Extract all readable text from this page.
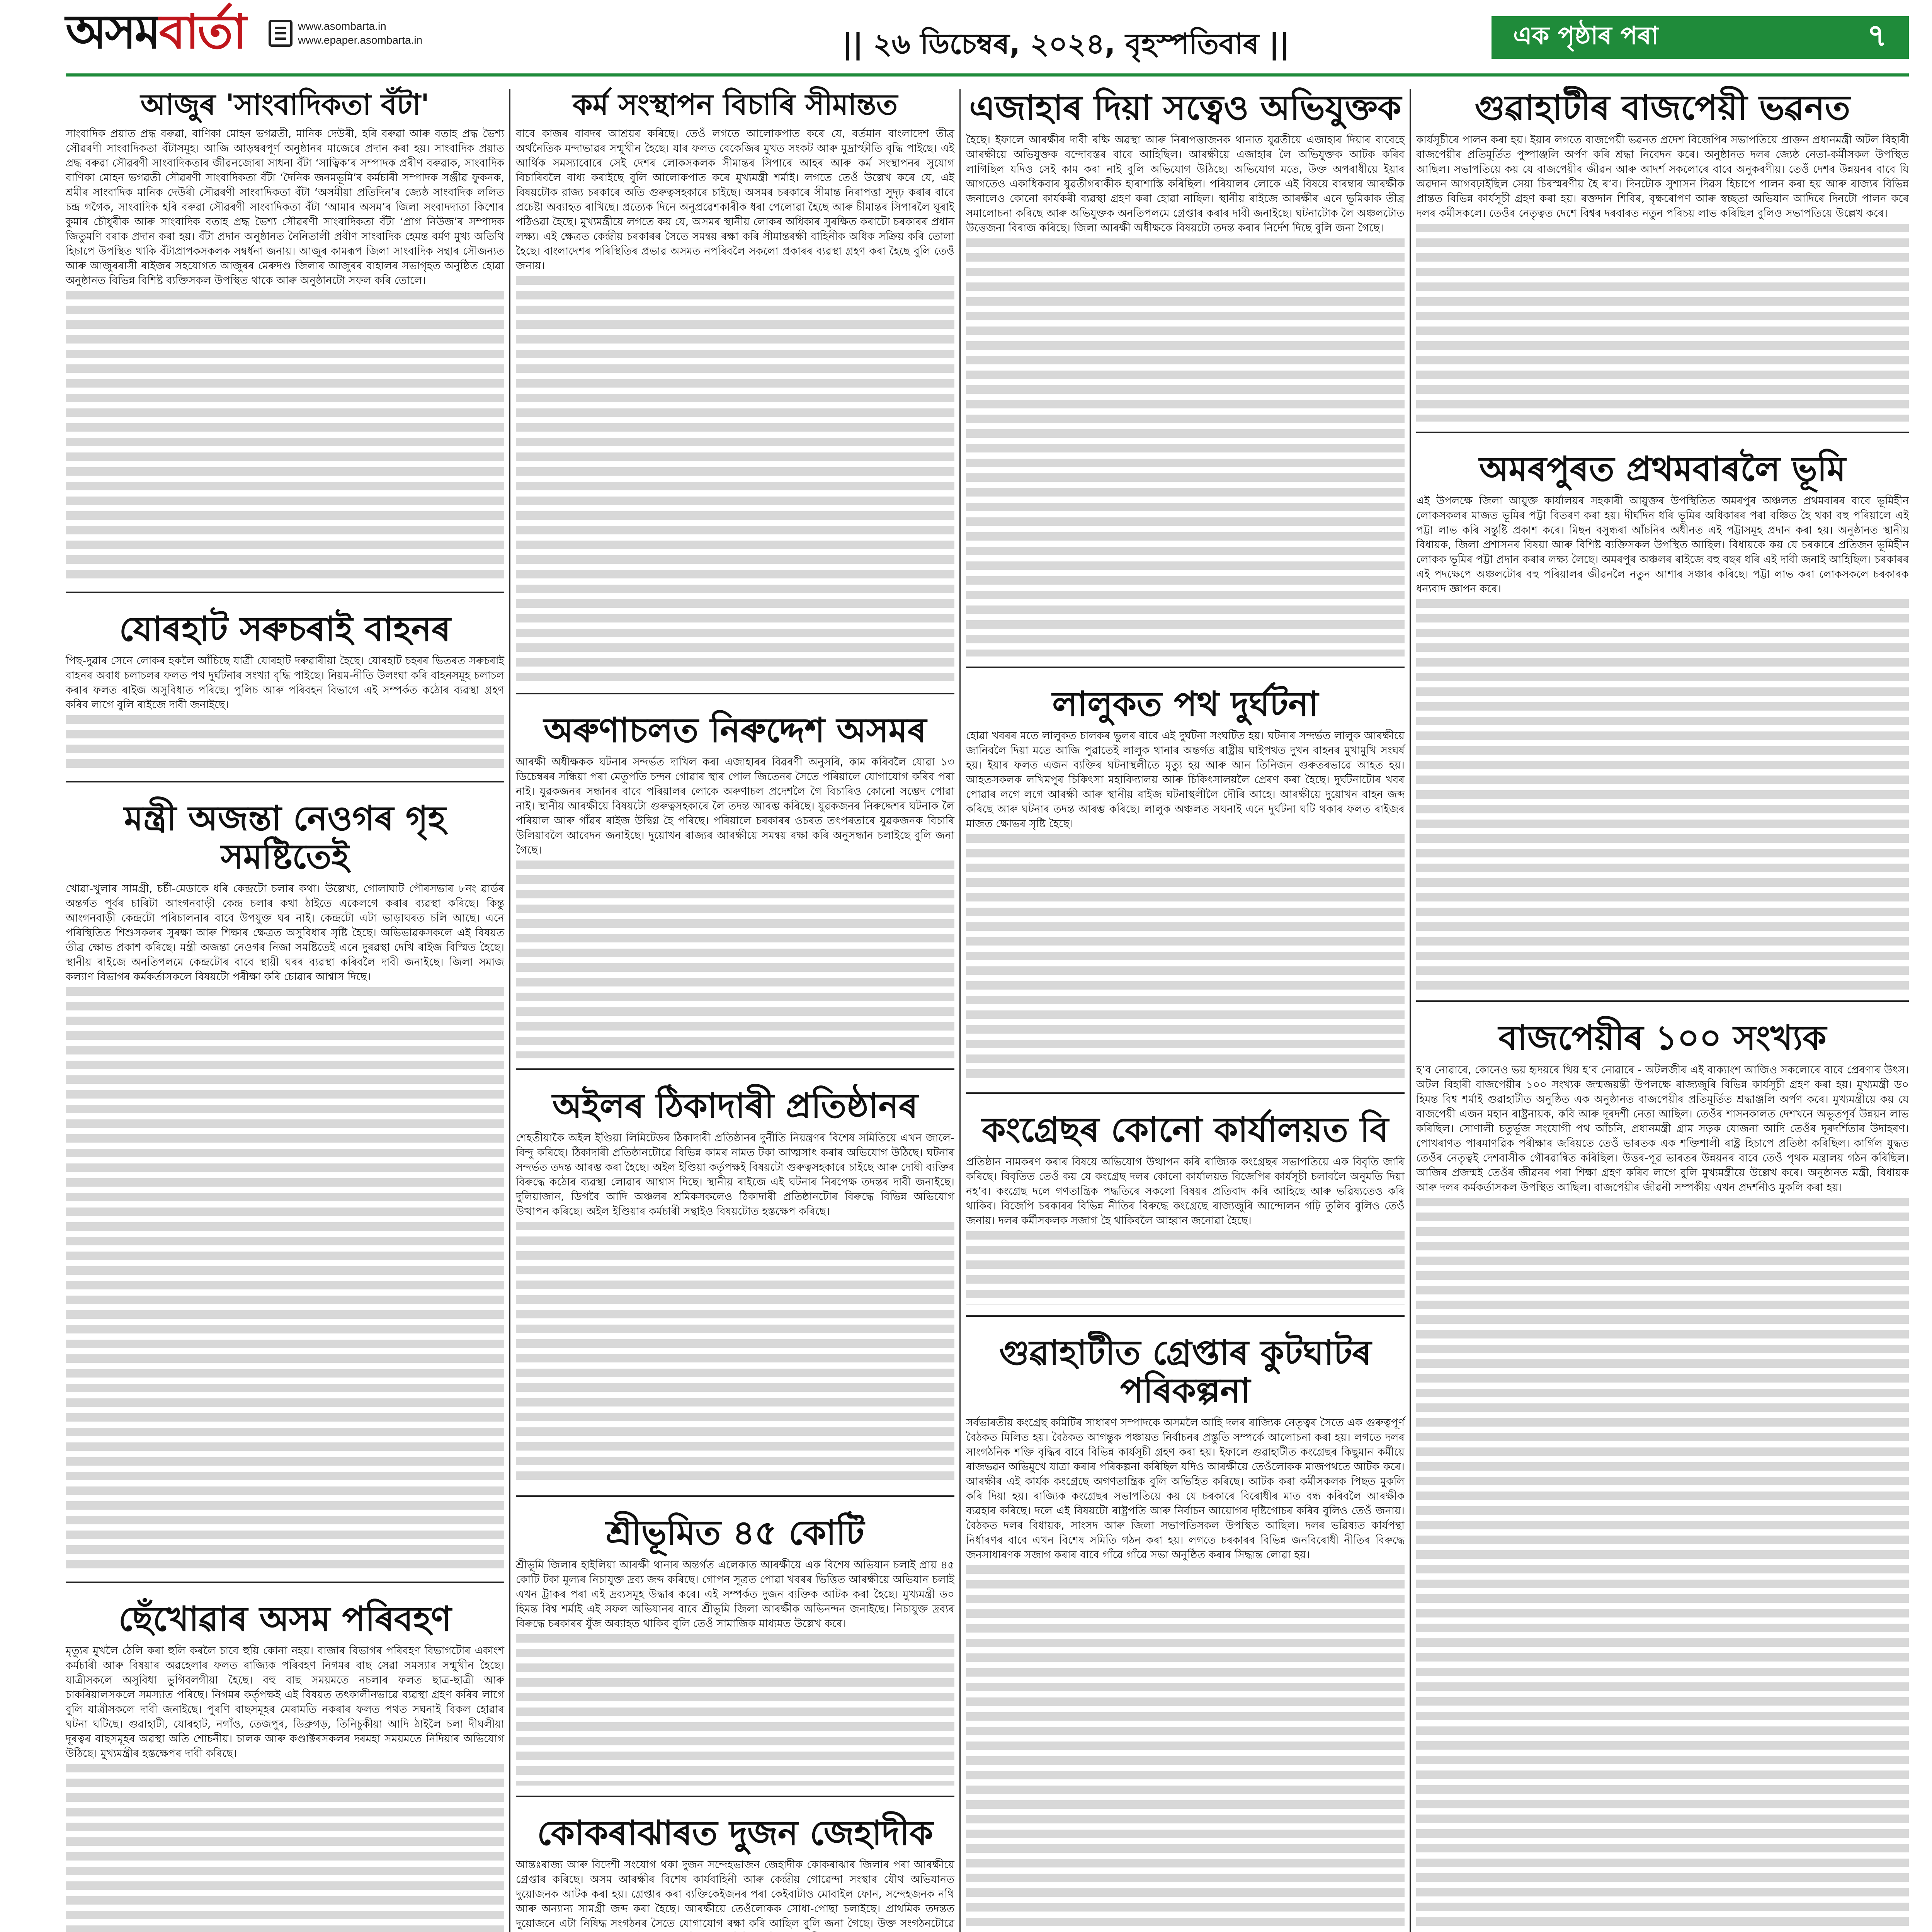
অসম বাৰ্তা	www.asombarta.in
www.epaper.asombarta.in	|| ২৬ ডিচেম্বৰ, ২০২৪, বৃহস্পতিবাৰ ||	এক পৃষ্ঠাৰ পৰা	৭
আজুৰ 'সাংবাদিকতা বঁটা'

সাংবাদিক প্ৰয়াত প্ৰদ্ধ বৰুৱা, বাণিকা মোহন ভগৱতী, মানিক দেউৰী, হৰি বৰুৱা আৰু বতাহ প্ৰদ্ধ ভৈশ্য সৌৱৰণী সাংবাদিকতা বঁটাসমূহ। আজি আড়ম্বৰপূৰ্ণ অনুষ্ঠানৰ মাজেৰে প্ৰদান কৰা হয়। সাংবাদিক প্ৰয়াত প্ৰদ্ধ বৰুৱা সৌৱৰণী সাংবাদিকতাৰ জীৱনজোৰা সাধনা বঁটা ‘সাত্বিক’ৰ সম্পাদক প্ৰৰীণ বৰুৱাক, সাংবাদিক বাণিকা মোহন ভগৱতী সৌৱৰণী সাংবাদিকতা বঁটা ‘দৈনিক জনমভূমি’ৰ কৰ্মচাৰী সম্পাদক সঞ্জীৱ ফুকনক, শ্ৰমীৰ সাংবাদিক মানিক দেউৰী সৌৱৰণী সাংবাদিকতা বঁটা ‘অসমীয়া প্ৰতিদিন’ৰ জ্যেষ্ঠ সাংবাদিক ললিত চন্দ্ৰ গগৈক, সাংবাদিক হৰি বৰুৱা সৌৱৰণী সাংবাদিকতা বঁটা ‘আমাৰ অসম’ৰ জিলা সংবাদদাতা কিশোৰ কুমাৰ চৌধুৰীক আৰু সাংবাদিক বতাহ প্ৰদ্ধ ভৈশ্য সৌৱৰণী সাংবাদিকতা বঁটা ‘প্ৰাগ নিউজ’ৰ সম্পাদক জিতুমণি বৰাক প্ৰদান কৰা হয়। বঁটা প্ৰদান অনুষ্ঠানত নৈনিতালী প্ৰবীণ সাংবাদিক হেমন্ত বৰ্মণ মুখ্য অতিথি হিচাপে উপস্থিত থাকি বঁটাপ্ৰাপকসকলক সম্বৰ্ধনা জনায়। আজুৰ কামৰূপ জিলা সাংবাদিক সন্থাৰ সৌজন্যত আৰু আজুৰৰাসী ৰাইজৰ সহযোগত আজুৰৰ মেৰুদণ্ড জিলাৰ আজুৰৰ বাহালৰ সভাগৃহত অনুষ্ঠিত হোৱা অনুষ্ঠানত বিভিন্ন বিশিষ্ট ব্যক্তিসকল উপস্থিত থাকে আৰু অনুষ্ঠানটো সফল কৰি তোলে।

যোৰহাট সৰুচৰাই বাহনৰ

পিছ-দুৱাৰ সেনে লোকৰ হকলৈ আঁচিছে যাত্ৰী যোৰহাট দৰুৱাৰীয়া হৈছে। যোৰহাট চহৰৰ ভিতৰত সৰুচৰাই বাহনৰ অবাধ চলাচলৰ ফলত পথ দুৰ্ঘটনাৰ সংখ্যা বৃদ্ধি পাইছে। নিয়ম-নীতি উলংঘা কৰি বাহনসমূহ চলাচল কৰাৰ ফলত ৰাইজ অসুবিধাত পৰিছে। পুলিচ আৰু পৰিবহন বিভাগে এই সম্পৰ্কত কঠোৰ ব্যৱস্থা গ্ৰহণ কৰিব লাগে বুলি ৰাইজে দাবী জনাইছে।

মন্ত্ৰী অজন্তা নেওগৰ গৃহ সমষ্টিতেই

খোৱা-খুলাৰ সামগ্ৰী, চৰ্চী-মেডাকে ধৰি কেন্দ্ৰটো চলাৰ কথা। উল্লেখ্য, গোলাঘাট পৌৰসভাৰ ৮নং ৱাৰ্ডৰ অন্তৰ্গত পূৰ্বৰ চাৰিটা আংগনবাড়ী কেন্দ্ৰ চলাৰ কথা ঠাইতে একেলগে কৰাৰ ব্যৱস্থা কৰিছে। কিন্তু আংগনবাড়ী কেন্দ্ৰটো পৰিচালনাৰ বাবে উপযুক্ত ঘৰ নাই। কেন্দ্ৰটো এটা ভাড়াঘৰত চলি আছে। এনে পৰিস্থিতিত শিশুসকলৰ সুৰক্ষা আৰু শিক্ষাৰ ক্ষেত্ৰত অসুবিধাৰ সৃষ্টি হৈছে। অভিভাৱকসকলে এই বিষয়ত তীব্ৰ ক্ষোভ প্ৰকাশ কৰিছে। মন্ত্ৰী অজন্তা নেওগৰ নিজা সমষ্টিতেই এনে দুৰৱস্থা দেখি ৰাইজ বিস্মিত হৈছে। স্থানীয় ৰাইজে অনতিপলমে কেন্দ্ৰটোৰ বাবে স্থায়ী ঘৰৰ ব্যৱস্থা কৰিবলৈ দাবী জনাইছে। জিলা সমাজ কল্যাণ বিভাগৰ কৰ্মকৰ্তাসকলে বিষয়টো পৰীক্ষা কৰি চোৱাৰ আশ্বাস দিছে।

ছেঁখোৱাৰ অসম পৰিবহণ

মৃত্যুৰ মুখলৈ ঠেলি কৰা হুলি কৰলৈ চাবে হুয়ি কোনা নহয়। বাজাৰ বিভাগৰ পৰিবহণ বিভাগটোৰ একাংশ কৰ্মচাৰী আৰু বিষয়াৰ অৱহেলাৰ ফলত ৰাজ্যিক পৰিবহণ নিগমৰ বাছ সেৱা সমস্যাৰ সন্মুখীন হৈছে। যাত্ৰীসকলে অসুবিধা ভুগিবলগীয়া হৈছে। বহু বাছ সময়মতে নচলাৰ ফলত ছাত্ৰ-ছাত্ৰী আৰু চাকৰিয়ালসকলে সমস্যাত পৰিছে। নিগমৰ কৰ্তৃপক্ষই এই বিষয়ত তৎকালীনভাৱে ব্যৱস্থা গ্ৰহণ কৰিব লাগে বুলি যাত্ৰীসকলে দাবী জনাইছে। পুৰণি বাছসমূহৰ মেৰামতি নকৰাৰ ফলত পথত সঘনাই বিকল হোৱাৰ ঘটনা ঘটিছে। গুৱাহাটী, যোৰহাট, নগাঁও, তেজপুৰ, ডিব্ৰুগড়, তিনিচুকীয়া আদি ঠাইলৈ চলা দীঘলীয়া দূৰত্বৰ বাছসমূহৰ অৱস্থা অতি শোচনীয়। চালক আৰু কণ্ডাক্টৰসকলৰ দৰমহা সময়মতে নিদিয়াৰ অভিযোগ উঠিছে। মুখ্যমন্ত্ৰীৰ হস্তক্ষেপৰ দাবী কৰিছে।

কৰ্ম সংস্থাপন বিচাৰি সীমান্তত

বাবে কাজৰ বাবদৰ আশ্ৰয়ৰ কৰিছে। তেওঁ লগতে আলোকপাত কৰে যে, বৰ্তমান বাংলাদেশ তীব্ৰ অৰ্থনৈতিক মন্দাভাৱৰ সন্মুখীন হৈছে। যাৰ ফলত বেকেজিৰ মুখত সংকট আৰু মুদ্ৰাস্ফীতি বৃদ্ধি পাইছে। এই আৰ্থিক সমস্যাবোৰে সেই দেশৰ লোকসকলক সীমান্তৰ সিপাৰে আহৰ আৰু কৰ্ম সংস্থাপনৰ সুযোগ বিচাৰিবলৈ বাধ্য কৰাইছে বুলি আলোকপাত কৰে মুখ্যমন্ত্ৰী শৰ্মাই। লগতে তেওঁ উল্লেখ কৰে যে, এই বিষয়টোক রাজ্য চৰকাৰে অতি গুৰুত্বসহকাৰে চাইছে। অসমৰ চৰকাৰে সীমান্ত নিৰাপত্তা সুদৃঢ় কৰাৰ বাবে প্ৰচেষ্টা অব্যাহত ৰাখিছে। প্ৰত্যেক দিনে অনুপ্ৰৱেশকাৰীক ধৰা পেলোৱা হৈছে আৰু চীমান্তৰ সিপাৰলৈ ঘূৰাই পঠিওৱা হৈছে। মুখ্যমন্ত্ৰীয়ে লগতে কয় যে, অসমৰ স্থানীয় লোকৰ অধিকাৰ সুৰক্ষিত কৰাটো চৰকাৰৰ প্ৰধান লক্ষ্য। এই ক্ষেত্ৰত কেন্দ্ৰীয় চৰকাৰৰ সৈতে সমন্বয় ৰক্ষা কৰি সীমান্তৰক্ষী বাহিনীক অধিক সক্ৰিয় কৰি তোলা হৈছে। বাংলাদেশৰ পৰিস্থিতিৰ প্ৰভাৱ অসমত নপৰিবলৈ সকলো প্ৰকাৰৰ ব্যৱস্থা গ্ৰহণ কৰা হৈছে বুলি তেওঁ জনায়।

অৰুণাচলত নিৰুদ্দেশ অসমৰ

আৰক্ষী অধীক্ষকক ঘটনাৰ সন্দৰ্ভত দাখিল কৰা এজাহাৰৰ বিৱৰণী অনুসৰি, কাম কৰিবলৈ যোৱা ১৩ ডিচেম্বৰৰ সন্ধিয়া পৰা মেতুপতি চন্দন গোৱাৰ স্থাৰ পোল জিতেনৰ সৈতে পৰিয়ালে যোগাযোগ কৰিব পৰা নাই। যুৱকজনৰ সন্ধানৰ বাবে পৰিয়ালৰ লোকে অৰুণাচল প্ৰদেশলৈ গৈ বিচাৰিও কোনো সম্ভেদ পোৱা নাই। স্থানীয় আৰক্ষীয়ে বিষয়টো গুৰুত্বসহকাৰে লৈ তদন্ত আৰম্ভ কৰিছে। যুৱকজনৰ নিৰুদ্দেশৰ ঘটনাক লৈ পৰিয়াল আৰু গাঁৱৰ ৰাইজ উদ্বিগ্ন হৈ পৰিছে। পৰিয়ালে চৰকাৰৰ ওচৰত তৎপৰতাৰে যুৱকজনক বিচাৰি উলিয়াবলৈ আবেদন জনাইছে। দুয়োখন ৰাজ্যৰ আৰক্ষীয়ে সমন্বয় ৰক্ষা কৰি অনুসন্ধান চলাইছে বুলি জনা গৈছে।

অইলৰ ঠিকাদাৰী প্ৰতিষ্ঠানৰ

শেহতীয়াকৈ অইল ইণ্ডিয়া লিমিটেডৰ ঠিকাদাৰী প্ৰতিষ্ঠানৰ দুৰ্নীতি নিয়ন্ত্ৰণৰ বিশেষ সমিতিয়ে এখন জালে-বিন্দু কৰিছে। ঠিকাদাৰী প্ৰতিষ্ঠানটোৱে বিভিন্ন কামৰ নামত টকা আত্মসাৎ কৰাৰ অভিযোগ উঠিছে। ঘটনাৰ সন্দৰ্ভত তদন্ত আৰম্ভ কৰা হৈছে। অইল ইণ্ডিয়া কৰ্তৃপক্ষই বিষয়টো গুৰুত্বসহকাৰে চাইছে আৰু দোষী ব্যক্তিৰ বিৰুদ্ধে কঠোৰ ব্যৱস্থা লোৱাৰ আশ্বাস দিছে। স্থানীয় ৰাইজে এই ঘটনাৰ নিৰপেক্ষ তদন্তৰ দাবী জনাইছে। দুলিয়াজান, ডিগবৈ আদি অঞ্চলৰ শ্ৰমিকসকলেও ঠিকাদাৰী প্ৰতিষ্ঠানটোৰ বিৰুদ্ধে বিভিন্ন অভিযোগ উত্থাপন কৰিছে। অইল ইণ্ডিয়াৰ কৰ্মচাৰী সন্থাইও বিষয়টোত হস্তক্ষেপ কৰিছে।

শ্ৰীভূমিত ৪৫ কোটি

শ্ৰীভূমি জিলাৰ হাইলিয়া আৰক্ষী থানাৰ অন্তৰ্গত এলেকাত আৰক্ষীয়ে এক বিশেষ অভিযান চলাই প্ৰায় ৪৫ কোটি টকা মূল্যৰ নিচাযুক্ত দ্ৰব্য জব্দ কৰিছে। গোপন সূত্ৰত পোৱা খবৰৰ ভিত্তিত আৰক্ষীয়ে অভিযান চলাই এখন ট্ৰাকৰ পৰা এই দ্ৰব্যসমূহ উদ্ধাৰ কৰে। এই সম্পৰ্কত দুজন ব্যক্তিক আটক কৰা হৈছে। মুখ্যমন্ত্ৰী ড০ হিমন্ত বিশ্ব শৰ্মাই এই সফল অভিযানৰ বাবে শ্ৰীভূমি জিলা আৰক্ষীক অভিনন্দন জনাইছে। নিচাযুক্ত দ্ৰব্যৰ বিৰুদ্ধে চৰকাৰৰ যুঁজ অব্যাহত থাকিব বুলি তেওঁ সামাজিক মাধ্যমত উল্লেখ কৰে।

কোকৰাঝাৰত দুজন জেহাদীক

আন্তঃৰাজ্য আৰু বিদেশী সংযোগ থকা দুজন সন্দেহভাজন জেহাদীক কোকৰাঝাৰ জিলাৰ পৰা আৰক্ষীয়ে গ্ৰেপ্তাৰ কৰিছে। অসম আৰক্ষীৰ বিশেষ কাৰ্যবাহিনী আৰু কেন্দ্ৰীয় গোৱেন্দা সংস্থাৰ যৌথ অভিযানত দুয়োজনক আটক কৰা হয়। গ্ৰেপ্তাৰ কৰা ব্যক্তিকেইজনৰ পৰা কেইবাটাও মোবাইল ফোন, সন্দেহজনক নথি আৰু অন্যান্য সামগ্ৰী জব্দ কৰা হৈছে। আৰক্ষীয়ে তেওঁলোকক সোধা-পোছা চলাইছে। প্ৰাথমিক তদন্তত দুয়োজনে এটা নিষিদ্ধ সংগঠনৰ সৈতে যোগাযোগ ৰক্ষা কৰি আছিল বুলি জনা গৈছে। উক্ত সংগঠনটোৱে

এজাহাৰ দিয়া সত্বেও অভিযুক্তক

হৈছে। ইফালে আৰক্ষীৰ দাবী ৰক্ষি অৱস্থা আৰু নিৰাপত্তাজনক থানাত যুৱতীয়ে এজাহাৰ দিয়াৰ বাবেহে আৰক্ষীয়ে অভিযুক্তক বন্দোবস্তৰ বাবে আহিছিল। আৰক্ষীয়ে এজাহাৰ লৈ অভিযুক্তক আটক কৰিব লাগিছিল যদিও সেই কাম কৰা নাই বুলি অভিযোগ উঠিছে। অভিযোগ মতে, উক্ত অপৰাধীয়ে ইয়াৰ আগতেও একাধিকবাৰ যুৱতীগৰাকীক হাৰাশাস্তি কৰিছিল। পৰিয়ালৰ লোকে এই বিষয়ে বাৰম্বাৰ আৰক্ষীক জনালেও কোনো কাৰ্যকৰী ব্যৱস্থা গ্ৰহণ কৰা হোৱা নাছিল। স্থানীয় ৰাইজে আৰক্ষীৰ এনে ভূমিকাক তীব্ৰ সমালোচনা কৰিছে আৰু অভিযুক্তক অনতিপলমে গ্ৰেপ্তাৰ কৰাৰ দাবী জনাইছে। ঘটনাটোক লৈ অঞ্চলটোত উত্তেজনা বিৰাজ কৰিছে। জিলা আৰক্ষী অধীক্ষকে বিষয়টো তদন্ত কৰাৰ নিৰ্দেশ দিছে বুলি জনা গৈছে।

লালুকত পথ দুৰ্ঘটনা

হোৱা খবৰৰ মতে লালুকত চালকৰ ভুলৰ বাবে এই দুৰ্ঘটনা সংঘটিত হয়। ঘটনাৰ সন্দৰ্ভত লালুক আৰক্ষীয়ে জানিবলৈ দিয়া মতে আজি পুৱাতেই লালুক থানাৰ অন্তৰ্গত ৰাষ্ট্ৰীয় ঘাইপথত দুখন বাহনৰ মুখামুখি সংঘৰ্ষ হয়। ইয়াৰ ফলত এজন ব্যক্তিৰ ঘটনাস্থলীতে মৃত্যু হয় আৰু আন তিনিজন গুৰুতৰভাৱে আহত হয়। আহতসকলক লখিমপুৰ চিকিৎসা মহাবিদ্যালয় আৰু চিকিৎসালয়লৈ প্ৰেৰণ কৰা হৈছে। দুৰ্ঘটনাটোৰ খবৰ পোৱাৰ লগে লগে আৰক্ষী আৰু স্থানীয় ৰাইজ ঘটনাস্থলীলৈ দৌৰি আহে। আৰক্ষীয়ে দুয়োখন বাহন জব্দ কৰিছে আৰু ঘটনাৰ তদন্ত আৰম্ভ কৰিছে। লালুক অঞ্চলত সঘনাই এনে দুৰ্ঘটনা ঘটি থকাৰ ফলত ৰাইজৰ মাজত ক্ষোভৰ সৃষ্টি হৈছে।

কংগ্ৰেছৰ কোনো কাৰ্যালয়ত বি

প্ৰতিষ্ঠান নামকৰণ কৰাৰ বিষয়ে অভিযোগ উত্থাপন কৰি ৰাজ্যিক কংগ্ৰেছৰ সভাপতিয়ে এক বিবৃতি জাৰি কৰিছে। বিবৃতিত তেওঁ কয় যে কংগ্ৰেছ দলৰ কোনো কাৰ্যালয়ত বিজেপিৰ কাৰ্যসূচী চলাবলৈ অনুমতি দিয়া নহ’ব। কংগ্ৰেছ দলে গণতান্ত্ৰিক পদ্ধতিৰে সকলো বিষয়ৰ প্ৰতিবাদ কৰি আহিছে আৰু ভৱিষ্যতেও কৰি থাকিব। বিজেপি চৰকাৰৰ বিভিন্ন নীতিৰ বিৰুদ্ধে কংগ্ৰেছে ৰাজ্যজুৰি আন্দোলন গঢ়ি তুলিব বুলিও তেওঁ জনায়। দলৰ কৰ্মীসকলক সজাগ হৈ থাকিবলৈ আহ্বান জনোৱা হৈছে।

গুৱাহাটীত গ্ৰেপ্তাৰ কুটঘাটৰ পৰিকল্পনা

সৰ্বভাৰতীয় কংগ্ৰেছ কমিটিৰ সাধাৰণ সম্পাদকে অসমলৈ আহি দলৰ ৰাজ্যিক নেতৃত্বৰ সৈতে এক গুৰুত্বপূৰ্ণ বৈঠকত মিলিত হয়। বৈঠকত আগন্তুক পঞ্চায়ত নিৰ্বাচনৰ প্ৰস্তুতি সম্পৰ্কে আলোচনা কৰা হয়। লগতে দলৰ সাংগঠনিক শক্তি বৃদ্ধিৰ বাবে বিভিন্ন কাৰ্যসূচী গ্ৰহণ কৰা হয়। ইফালে গুৱাহাটীত কংগ্ৰেছৰ কিছুমান কৰ্মীয়ে ৰাজভৱন অভিমুখে যাত্ৰা কৰাৰ পৰিকল্পনা কৰিছিল যদিও আৰক্ষীয়ে তেওঁলোকক মাজপথতে আটক কৰে। আৰক্ষীৰ এই কাৰ্যক কংগ্ৰেছে অগণতান্ত্ৰিক বুলি অভিহিত কৰিছে। আটক কৰা কৰ্মীসকলক পিছত মুকলি কৰি দিয়া হয়। ৰাজ্যিক কংগ্ৰেছৰ সভাপতিয়ে কয় যে চৰকাৰে বিৰোধীৰ মাত বন্ধ কৰিবলৈ আৰক্ষীক ব্যৱহাৰ কৰিছে। দলে এই বিষয়টো ৰাষ্ট্ৰপতি আৰু নিৰ্বাচন আয়োগৰ দৃষ্টিগোচৰ কৰিব বুলিও তেওঁ জনায়। বৈঠকত দলৰ বিধায়ক, সাংসদ আৰু জিলা সভাপতিসকল উপস্থিত আছিল। দলৰ ভৱিষ্যত কাৰ্যপন্থা নিৰ্ধাৰণৰ বাবে এখন বিশেষ সমিতি গঠন কৰা হয়। লগতে চৰকাৰৰ বিভিন্ন জনবিৰোধী নীতিৰ বিৰুদ্ধে জনসাধাৰণক সজাগ কৰাৰ বাবে গাঁৱে গাঁৱে সভা অনুষ্ঠিত কৰাৰ সিদ্ধান্ত লোৱা হয়।

গুৱাহাটীৰ বাজপেয়ী ভৱনত

কাৰ্যসূচীৰে পালন কৰা হয়। ইয়াৰ লগতে বাজপেয়ী ভৱনত প্ৰদেশ বিজেপিৰ সভাপতিয়ে প্ৰাক্তন প্ৰধানমন্ত্ৰী অটল বিহাৰী বাজপেয়ীৰ প্ৰতিমূৰ্তিত পুষ্পাঞ্জলি অৰ্পণ কৰি শ্ৰদ্ধা নিবেদন কৰে। অনুষ্ঠানত দলৰ জ্যেষ্ঠ নেতা-কৰ্মীসকল উপস্থিত আছিল। সভাপতিয়ে কয় যে বাজপেয়ীৰ জীৱন আৰু আদৰ্শ সকলোৰে বাবে অনুকৰণীয়। তেওঁ দেশৰ উন্নয়নৰ বাবে যি অৱদান আগবঢ়াইছিল সেয়া চিৰস্মৰণীয় হৈ ৰ’ব। দিনটোক সুশাসন দিৱস হিচাপে পালন কৰা হয় আৰু ৰাজ্যৰ বিভিন্ন প্ৰান্তত বিভিন্ন কাৰ্যসূচী গ্ৰহণ কৰা হয়। ৰক্তদান শিবিৰ, বৃক্ষৰোপণ আৰু স্বচ্ছতা অভিযান আদিৰে দিনটো পালন কৰে দলৰ কৰ্মীসকলে। তেওঁৰ নেতৃত্বত দেশে বিশ্বৰ দৰবাৰত নতুন পৰিচয় লাভ কৰিছিল বুলিও সভাপতিয়ে উল্লেখ কৰে।

অমৰপুৰত প্ৰথমবাৰলৈ ভূমি

এই উপলক্ষে জিলা আয়ুক্ত কাৰ্যালয়ৰ সহকাৰী আয়ুক্তৰ উপস্থিতিত অমৰপুৰ অঞ্চলত প্ৰথমবাৰৰ বাবে ভূমিহীন লোকসকলৰ মাজত ভূমিৰ পট্টা বিতৰণ কৰা হয়। দীৰ্ঘদিন ধৰি ভূমিৰ অধিকাৰৰ পৰা বঞ্চিত হৈ থকা বহু পৰিয়ালে এই পট্টা লাভ কৰি সন্তুষ্টি প্ৰকাশ কৰে। মিছন বসুন্ধৰা আঁচনিৰ অধীনত এই পট্টাসমূহ প্ৰদান কৰা হয়। অনুষ্ঠানত স্থানীয় বিধায়ক, জিলা প্ৰশাসনৰ বিষয়া আৰু বিশিষ্ট ব্যক্তিসকল উপস্থিত আছিল। বিধায়কে কয় যে চৰকাৰে প্ৰতিজন ভূমিহীন লোকক ভূমিৰ পট্টা প্ৰদান কৰাৰ লক্ষ্য লৈছে। অমৰপুৰ অঞ্চলৰ ৰাইজে বহু বছৰ ধৰি এই দাবী জনাই আহিছিল। চৰকাৰৰ এই পদক্ষেপে অঞ্চলটোৰ বহু পৰিয়ালৰ জীৱনলৈ নতুন আশাৰ সঞ্চাৰ কৰিছে। পট্টা লাভ কৰা লোকসকলে চৰকাৰক ধন্যবাদ জ্ঞাপন কৰে।

বাজপেয়ীৰ ১০০ সংখ্যক

হ’ব নোৱাৰে, কোনেও ভয় হৃদয়ৰে থিয় হ’ব নোৱাৰে - অটলজীৰ এই বাক্যাংশ আজিও সকলোৰে বাবে প্ৰেৰণাৰ উৎস। অটল বিহাৰী বাজপেয়ীৰ ১০০ সংখ্যক জন্মজয়ন্তী উপলক্ষে ৰাজ্যজুৰি বিভিন্ন কাৰ্যসূচী গ্ৰহণ কৰা হয়। মুখ্যমন্ত্ৰী ড০ হিমন্ত বিশ্ব শৰ্মাই গুৱাহাটীত অনুষ্ঠিত এক অনুষ্ঠানত বাজপেয়ীৰ প্ৰতিমূৰ্তিত শ্ৰদ্ধাঞ্জলি অৰ্পণ কৰে। মুখ্যমন্ত্ৰীয়ে কয় যে বাজপেয়ী এজন মহান ৰাষ্ট্ৰনায়ক, কবি আৰু দূৰদৰ্শী নেতা আছিল। তেওঁৰ শাসনকালত দেশখনে অভূতপূৰ্ব উন্নয়ন লাভ কৰিছিল। সোণালী চতুৰ্ভূজ সংযোগী পথ আঁচনি, প্ৰধানমন্ত্ৰী গ্ৰাম সড়ক যোজনা আদি তেওঁৰ দূৰদৰ্শিতাৰ উদাহৰণ। পোখৰাণত পাৰমাণৱিক পৰীক্ষাৰ জৰিয়তে তেওঁ ভাৰতক এক শক্তিশালী ৰাষ্ট্ৰ হিচাপে প্ৰতিষ্ঠা কৰিছিল। কাৰ্গিল যুদ্ধত তেওঁৰ নেতৃত্বই দেশবাসীক গৌৰৱান্বিত কৰিছিল। উত্তৰ-পূৱ ভাৰতৰ উন্নয়নৰ বাবে তেওঁ পৃথক মন্ত্ৰালয় গঠন কৰিছিল। আজিৰ প্ৰজন্মই তেওঁৰ জীৱনৰ পৰা শিক্ষা গ্ৰহণ কৰিব লাগে বুলি মুখ্যমন্ত্ৰীয়ে উল্লেখ কৰে। অনুষ্ঠানত মন্ত্ৰী, বিধায়ক আৰু দলৰ কৰ্মকৰ্তাসকল উপস্থিত আছিল। বাজপেয়ীৰ জীৱনী সম্পৰ্কীয় এখন প্ৰদৰ্শনীও মুকলি কৰা হয়।
